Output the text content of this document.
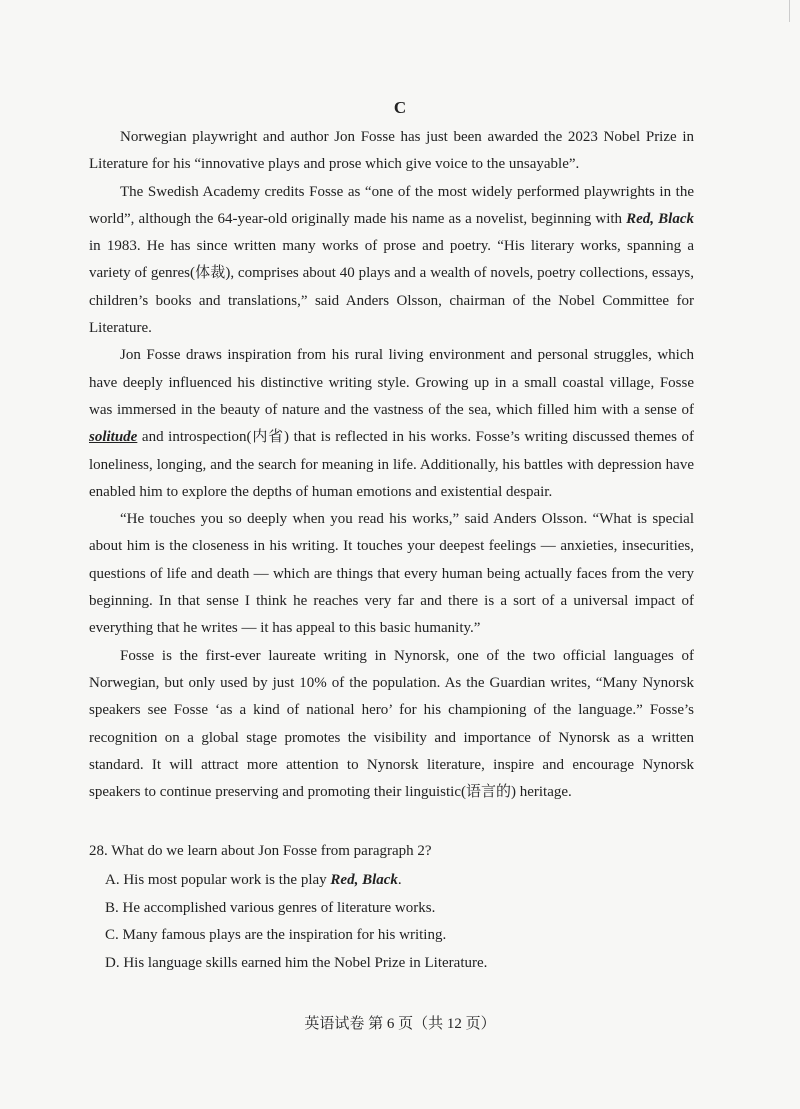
C

Norwegian playwright and author Jon Fosse has just been awarded the 2023 Nobel Prize in Literature for his “innovative plays and prose which give voice to the unsayable”.

The Swedish Academy credits Fosse as “one of the most widely performed playwrights in the world”, although the 64-year-old originally made his name as a novelist, beginning with Red, Black in 1983. He has since written many works of prose and poetry. “His literary works, spanning a variety of genres(体裁), comprises about 40 plays and a wealth of novels, poetry collections, essays, children’s books and translations,” said Anders Olsson, chairman of the Nobel Committee for Literature.

Jon Fosse draws inspiration from his rural living environment and personal struggles, which have deeply influenced his distinctive writing style. Growing up in a small coastal village, Fosse was immersed in the beauty of nature and the vastness of the sea, which filled him with a sense of solitude and introspection(内省) that is reflected in his works. Fosse’s writing discussed themes of loneliness, longing, and the search for meaning in life. Additionally, his battles with depression have enabled him to explore the depths of human emotions and existential despair.

“He touches you so deeply when you read his works,” said Anders Olsson. “What is special about him is the closeness in his writing. It touches your deepest feelings — anxieties, insecurities, questions of life and death — which are things that every human being actually faces from the very beginning. In that sense I think he reaches very far and there is a sort of a universal impact of everything that he writes — it has appeal to this basic humanity.”

Fosse is the first-ever laureate writing in Nynorsk, one of the two official languages of Norwegian, but only used by just 10% of the population. As the Guardian writes, “Many Nynorsk speakers see Fosse ‘as a kind of national hero’ for his championing of the language.” Fosse’s recognition on a global stage promotes the visibility and importance of Nynorsk as a written standard. It will attract more attention to Nynorsk literature, inspire and encourage Nynorsk speakers to continue preserving and promoting their linguistic(语言的) heritage.

28. What do we learn about Jon Fosse from paragraph 2?
A. His most popular work is the play Red, Black.
B. He accomplished various genres of literature works.
C. Many famous plays are the inspiration for his writing.
D. His language skills earned him the Nobel Prize in Literature.
英语试卷 第 6 页（共 12 页）
